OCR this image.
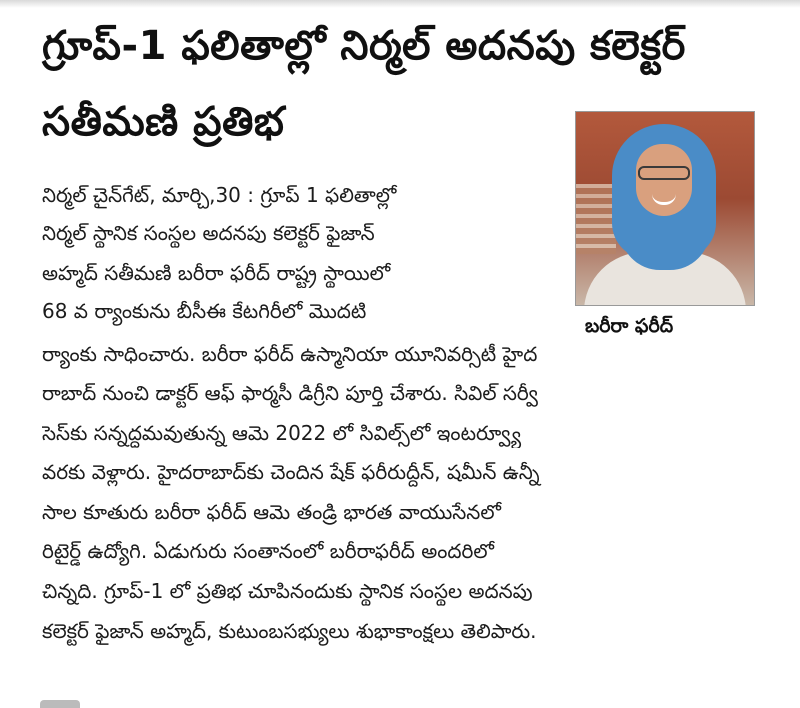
గ్రూప్-1 ఫలితాల్లో నిర్మల్ అదనపు కలెక్టర్
సతీమణి ప్రతిభ
బరీరా ఫరీద్

నిర్మల్ చైన్‌గేట్, మార్చి,30 : గ్రూప్ 1 ఫలితాల్లో

నిర్మల్ స్థానిక సంస్థల అదనపు కలెక్టర్ ఫైజాన్

అహ్మద్ సతీమణి బరీరా ఫరీద్ రాష్ట్ర స్థాయిలో

68 వ ర్యాంకును బీసీఈ కేటగిరీలో మొదటి

ర్యాంకు సాధించారు. బరీరా ఫరీద్ ఉస్మానియా యూనివర్సిటీ హైద

రాబాద్ నుంచి డాక్టర్ ఆఫ్ ఫార్మసీ డిగ్రీని పూర్తి చేశారు. సివిల్ సర్వీ

సెస్‌కు సన్నద్ధమవుతున్న ఆమె 2022 లో సివిల్స్‌లో ఇంటర్వ్యూ

వరకు వెళ్లారు. హైదరాబాద్‌కు చెందిన షేక్ ఫరీరుద్దీన్, షమీన్ ఉన్నీ

సాల కూతురు బరీరా ఫరీద్ ఆమె తండ్రి భారత వాయుసేనలో

రిటైర్డ్ ఉద్యోగి. ఏడుగురు సంతానంలో బరీరాఫరీద్ అందరిలో

చిన్నది. గ్రూప్-1 లో ప్రతిభ చూపినందుకు స్థానిక సంస్థల అదనపు

కలెక్టర్ ఫైజాన్ అహ్మద్, కుటుంబసభ్యులు శుభాకాంక్షలు తెలిపారు.
